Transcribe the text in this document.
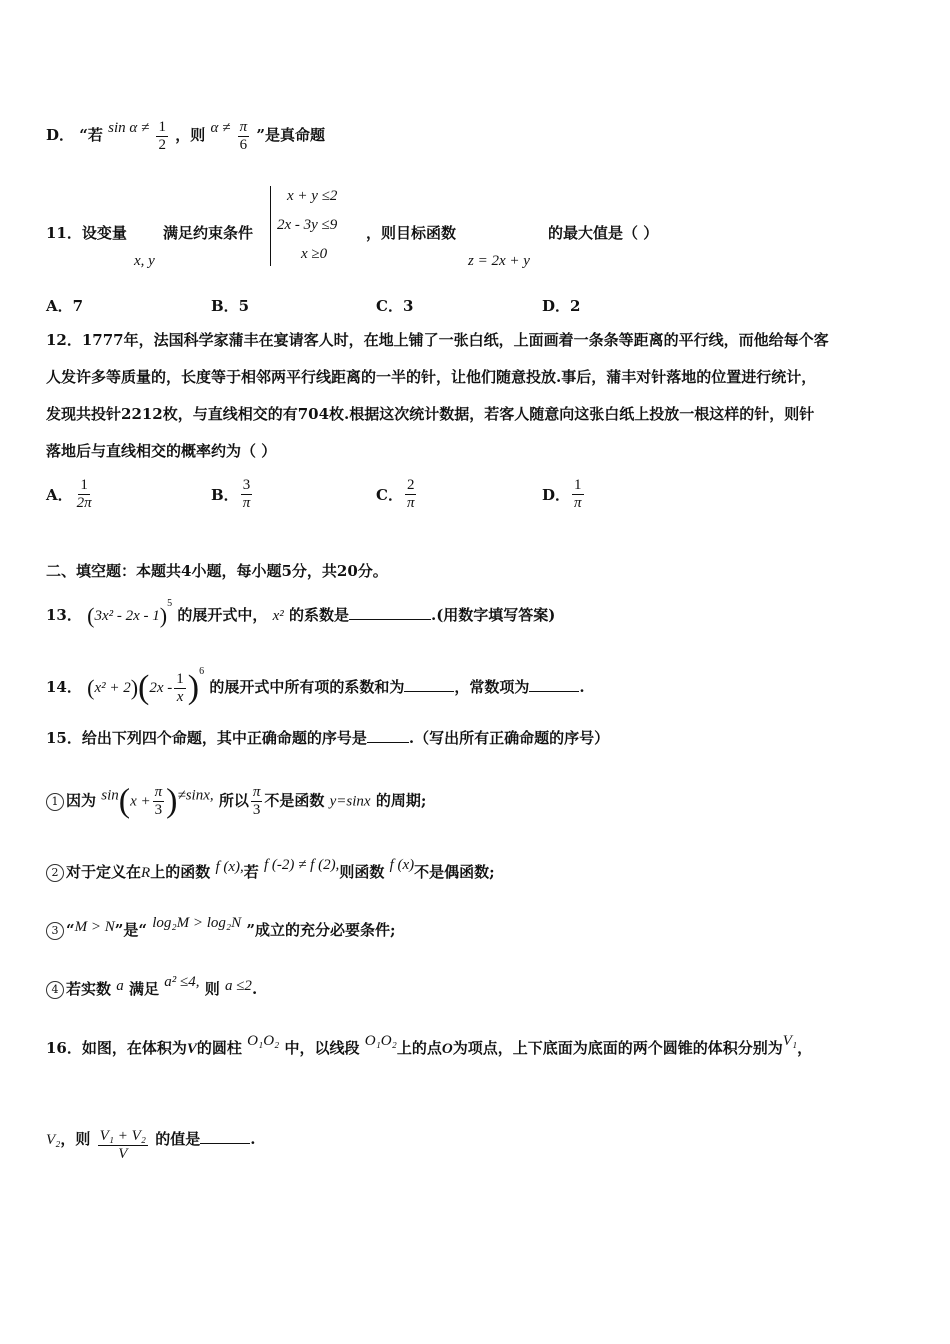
D． “若 $\sin \alpha \ne \frac{1}{2}$ ，则 $\alpha \ne \frac{\pi}{6}$ ”是真命题
11．设变量
x, y
满足约束条件
x + y ≤2
2x - 3y ≤9
x ≥0
，则目标函数
z = 2x + y
的最大值是（ ）
A．7	B．5	C．3	D．2
12．1777年，法国科学家蒲丰在宴请客人时，在地上铺了一张白纸，上面画着一条条等距离的平行线，而他给每个客
人发许多等质量的，长度等于相邻两平行线距离的一半的针，让他们随意投放.事后，蒲丰对针落地的位置进行统计，
发现共投针2212枚，与直线相交的有704枚.根据这次统计数据，若客人随意向这张白纸上投放一根这样的针，则针
落地后与直线相交的概率约为（ ）
A． $\frac{1}{2\pi}$	B． $\frac{3}{\pi}$	C． $\frac{2}{\pi}$	D． $\frac{1}{\pi}$
二、填空题：本题共4小题，每小题5分，共20分。
13． (3x² - 2x - 1)$^5$ 的展开式中， x² 的系数是	.(用数字填写答案)
14． $(x^2 + 2)(2x - \frac{1}{x} )^6$ 的展开式中所有项的系数和为	，常数项为	.
15．给出下列四个命题，其中正确命题的序号是	.（写出所有正确命题的序号）
1 因为 $\sin(x + \frac{\pi}{3} )\ne\sin x$, 所以 $\frac{\pi}{3}$ 不是函数 y=sinx 的周期;
2 对于定义在R上的函数 f (x),若 f (-2) ≠ f (2),则函数 f (x)不是偶函数;
3 “M > N”是“ log₂M > log₂N ”成立的充分必要条件;
4 若实数 a 满足 a² ≤4, 则 a ≤2.
16．如图，在体积为V的圆柱 O₁O₂ 中，以线段 O₁O₂上的点O为项点，上下底面为底面的两个圆锥的体积分别为V₁，
V₂，则 $\frac{\text{V₁ + V₂}}{V}$ 的值是	.
